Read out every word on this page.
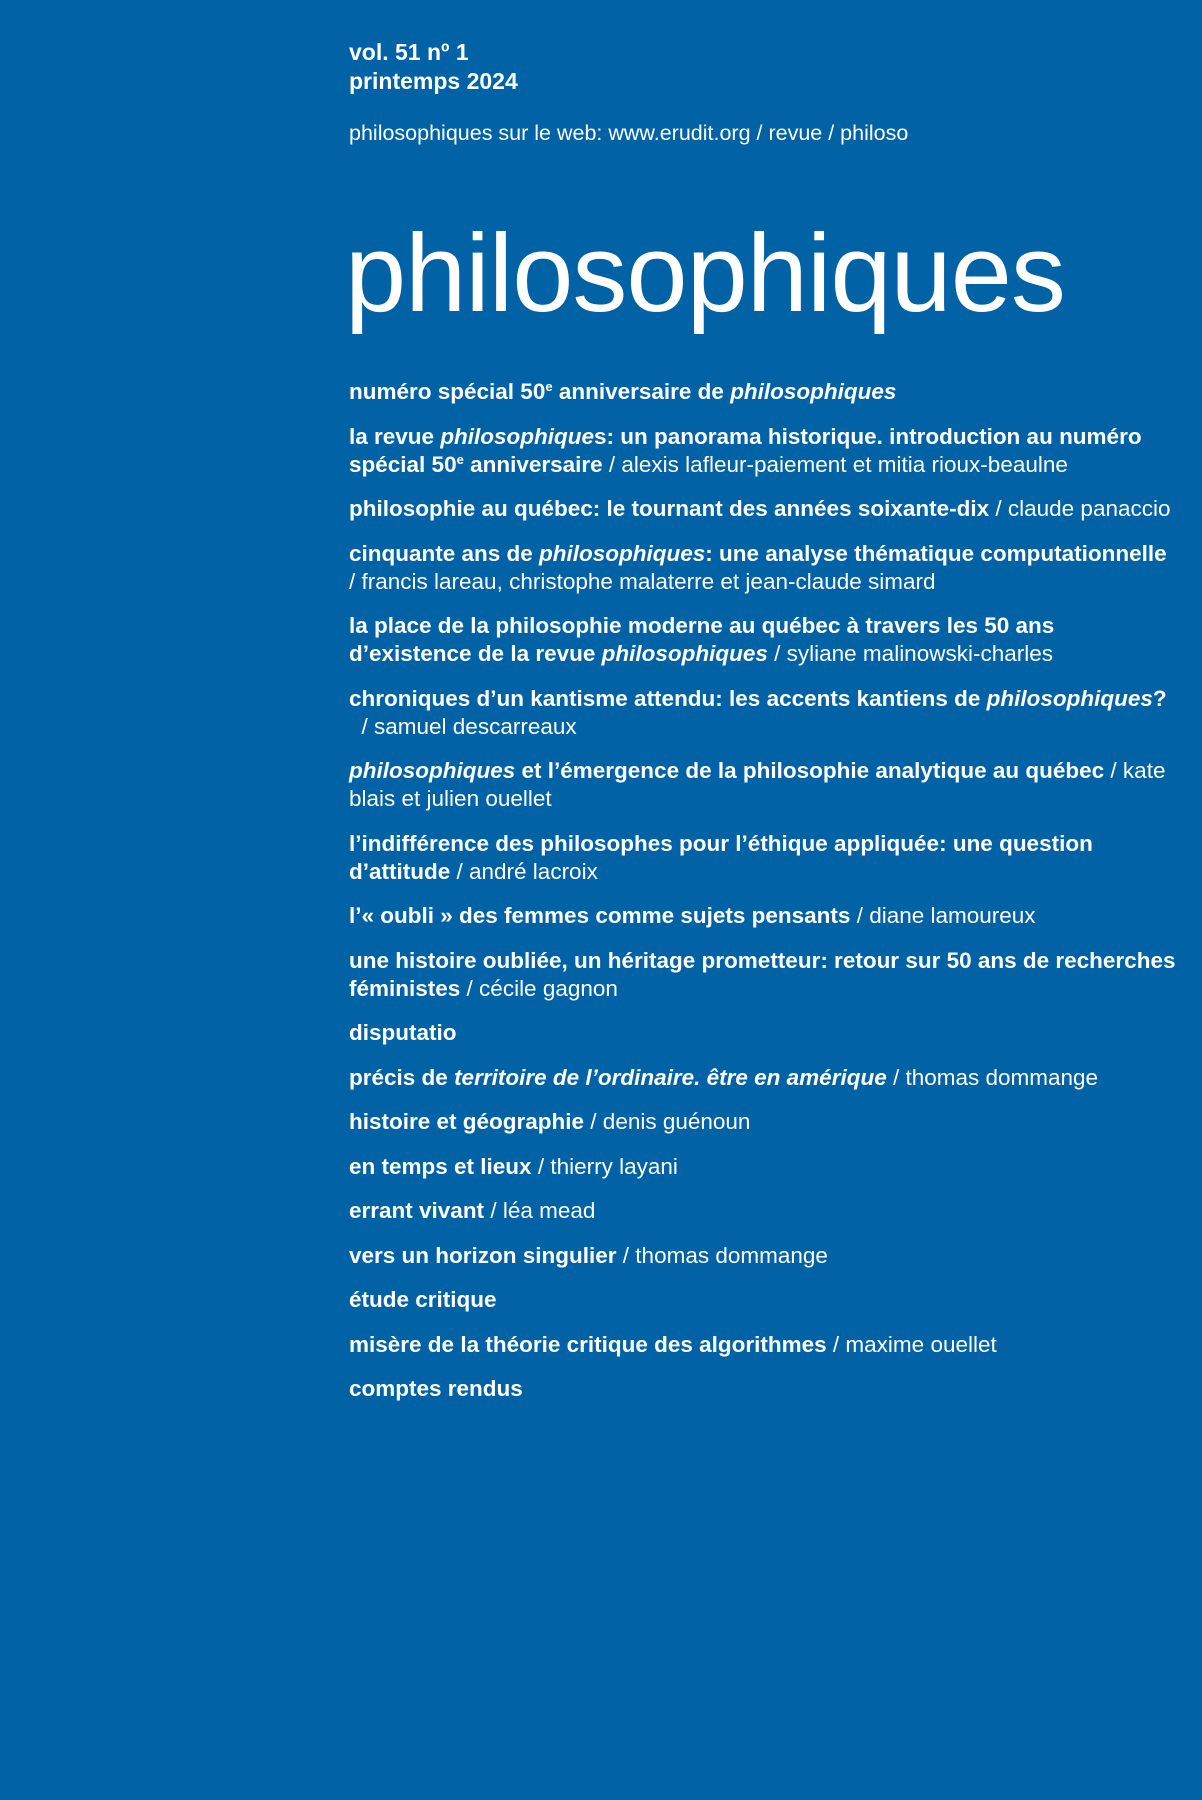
vol. 51 nº 1

printemps 2024

philosophiques sur le web: www.erudit.org / revue / philoso
philosophiques

numéro spécial 50e anniversaire de philosophiques

la revue philosophiques: un panorama historique. introduction au numéro spécial 50e anniversaire / alexis lafleur-paiement et mitia rioux-beaulne

philosophie au québec: le tournant des années soixante-dix / claude panaccio

cinquante ans de philosophiques: une analyse thématique computationnelle / francis lareau, christophe malaterre et jean-claude simard

la place de la philosophie moderne au québec à travers les 50 ans d’existence de la revue philosophiques / syliane malinowski-charles

chroniques d’un kantisme attendu: les accents kantiens de philosophiques?  / samuel descarreaux

philosophiques et l’émergence de la philosophie analytique au québec / kate blais et julien ouellet

l’indifférence des philosophes pour l’éthique appliquée: une question d’attitude / andré lacroix

l’« oubli » des femmes comme sujets pensants / diane lamoureux

une histoire oubliée, un héritage prometteur: retour sur 50 ans de recherches féministes / cécile gagnon

disputatio

précis de territoire de l’ordinaire. être en amérique / thomas dommange

histoire et géographie / denis guénoun

en temps et lieux / thierry layani

errant vivant / léa mead

vers un horizon singulier / thomas dommange

étude critique

misère de la théorie critique des algorithmes / maxime ouellet

comptes rendus
